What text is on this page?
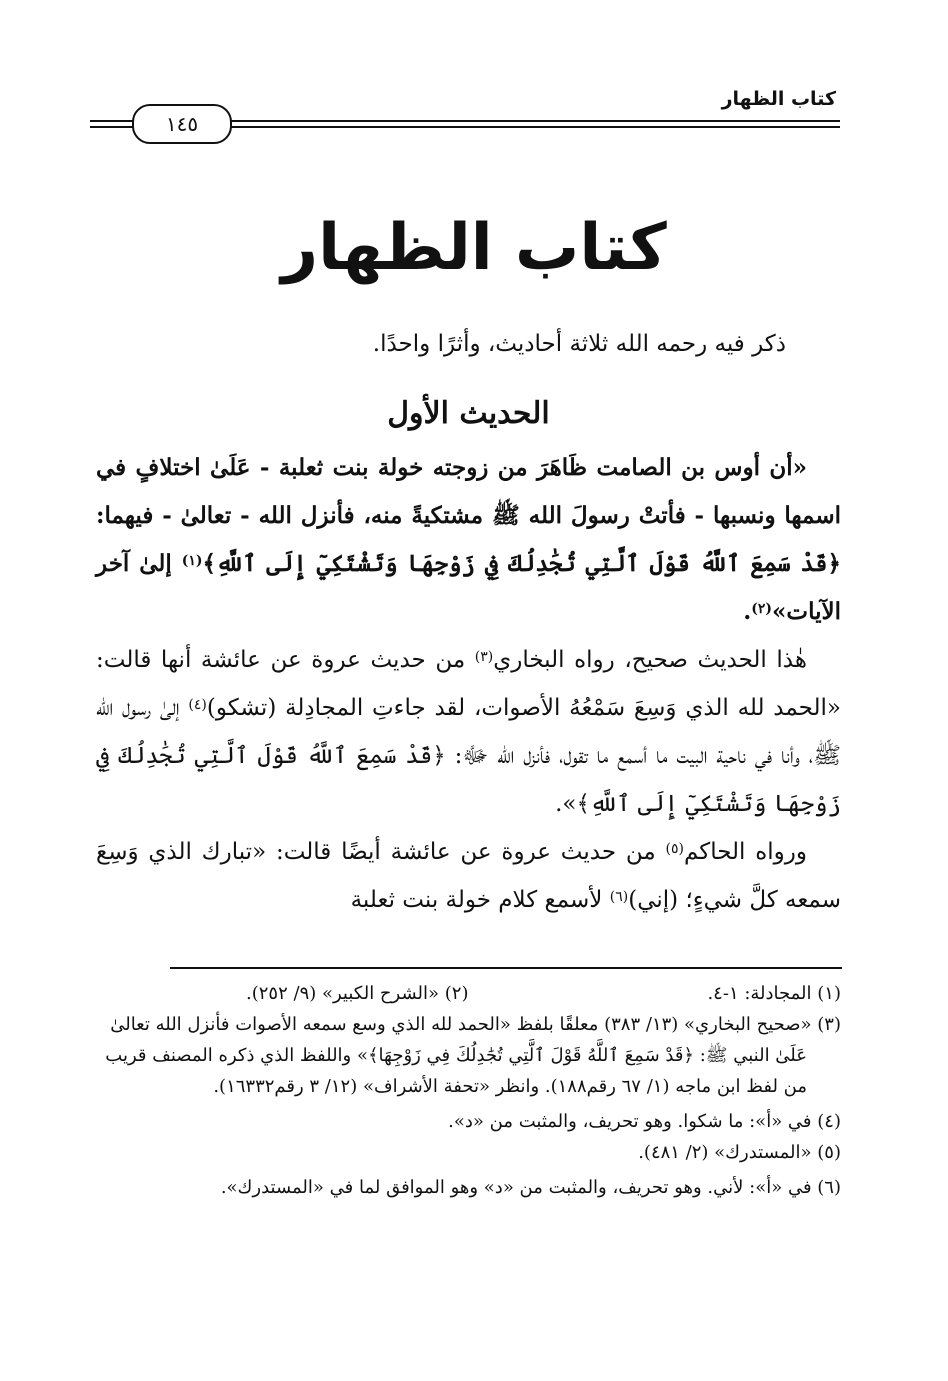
كتاب الظهار
١٤٥
كتاب الظهار

ذكر فيه رحمه الله ثلاثة أحاديث، وأثرًا واحدًا.

الحديث الأول

«أن أوس بن الصامت ظَاهَرَ من زوجته خولة بنت ثعلبة - عَلَىٰ اختلافٍ في اسمها ونسبها - فأتتْ رسولَ الله ﷺ مشتكيةً منه، فأنزل الله - تعالىٰ - فيهما: ﴿قَدْ سَمِعَ ٱللَّهُ قَوْلَ ٱلَّتِي تُجَٰدِلُكَ فِي زَوْجِهَا وَتَشْتَكِيٓ إِلَى ٱللَّهِ﴾$^{(١)}$ إلىٰ آخر الآيات»$^{(٢)}$.

هٰذا الحديث صحيح، رواه البخاري$^{(٣)}$ من حديث عروة عن عائشة أنها قالت: «الحمد لله الذي وَسِعَ سَمْعُهُ الأصوات، لقد جاءتِ المجادِلة (تشكو)$^{(٤)}$ إلىٰ رسول الله ﷺ، وأنا في ناحية البيت ما أسمع ما تقول، فأنزل الله ﷻ: ﴿قَدْ سَمِعَ ٱللَّهُ قَوْلَ ٱلَّتِي تُجَٰدِلُكَ فِي زَوْجِهَا وَتَشْتَكِيٓ إِلَى ٱللَّهِ﴾».

ورواه الحاكم$^{(٥)}$ من حديث عروة عن عائشة أيضًا قالت: «تبارك الذي وَسِعَ سمعه كلَّ شيءٍ؛ (إني)$^{(٦)}$ لأسمع كلام خولة بنت ثعلبة

(١) المجادلة: ١-٤.

(٢) «الشرح الكبير» (٩/ ٢٥٢).

(٣) «صحيح البخاري» (١٣/ ٣٨٣) معلقًا بلفظ «الحمد لله الذي وسع سمعه الأصوات فأنزل الله تعالىٰ عَلَىٰ النبي ﷺ: ﴿قَدْ سَمِعَ ٱللَّهُ قَوْلَ ٱلَّتِي تُجَٰدِلُكَ فِي زَوْجِهَا﴾» واللفظ الذي ذكره المصنف قريب من لفظ ابن ماجه (١/ ٦٧ رقم١٨٨). وانظر «تحفة الأشراف» (١٢/ ٣ رقم١٦٣٣٢).

(٤) في «أ»: ما شكوا. وهو تحريف، والمثبت من «د».

(٥) «المستدرك» (٢/ ٤٨١).

(٦) في «أ»: لأني. وهو تحريف، والمثبت من «د» وهو الموافق لما في «المستدرك».
